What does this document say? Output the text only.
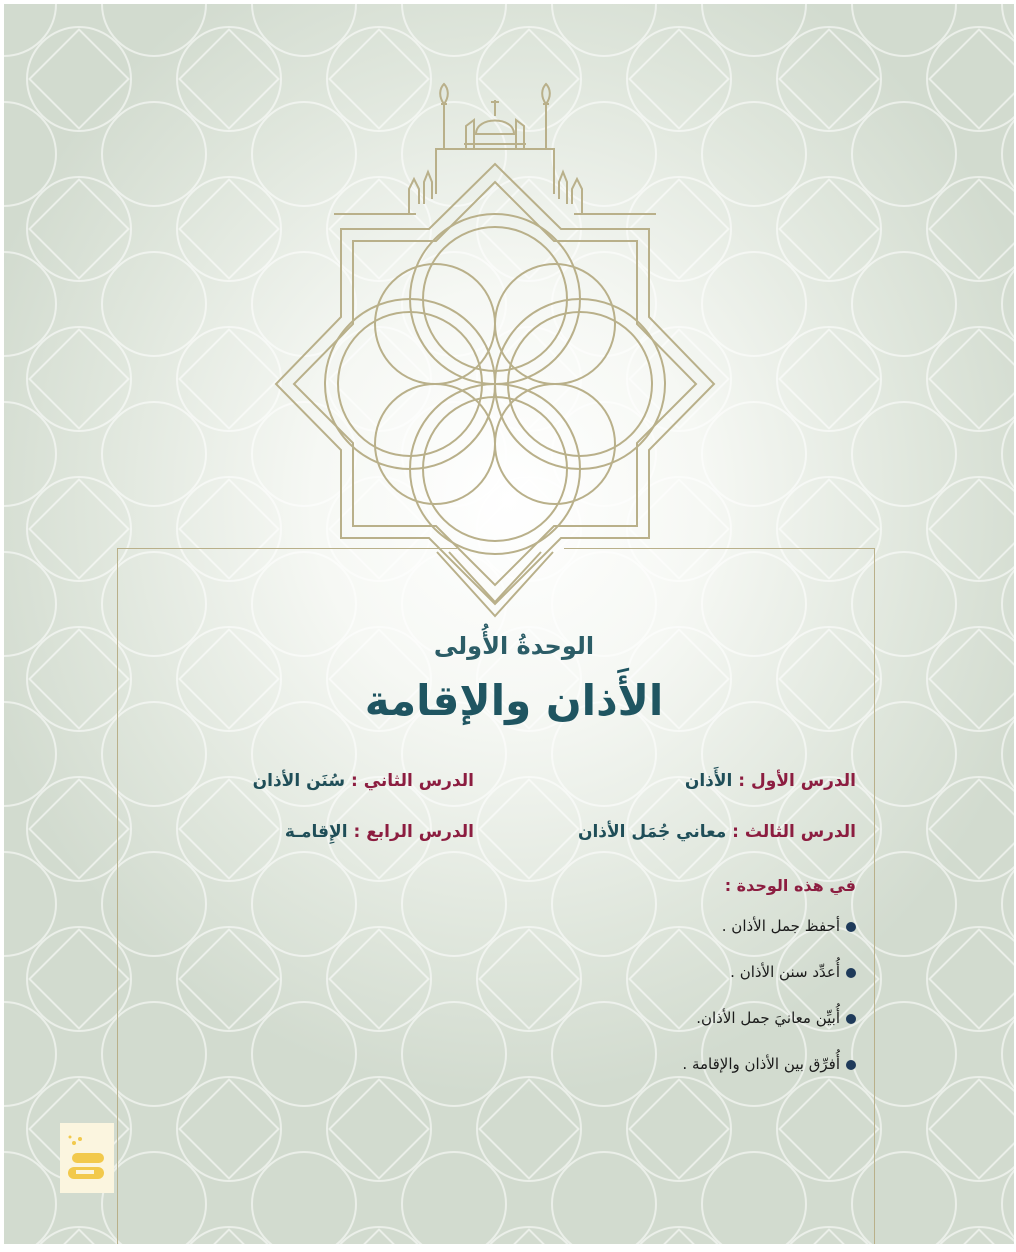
الوحدةُ الأُولى
الأَذان والإقامة
الدرس الأول : الأَذان
الدرس الثاني : سُنَن الأذان
الدرس الثالث : معاني جُمَل الأذان
الدرس الرابع : الإِقامـة
في هذه الوحدة :
أحفظ جمل الأذان .
أُعدِّد سنن الأذان .
أُبيِّن معانيَ جمل الأذان.
أُفرِّق بين الأذان والإقامة .
